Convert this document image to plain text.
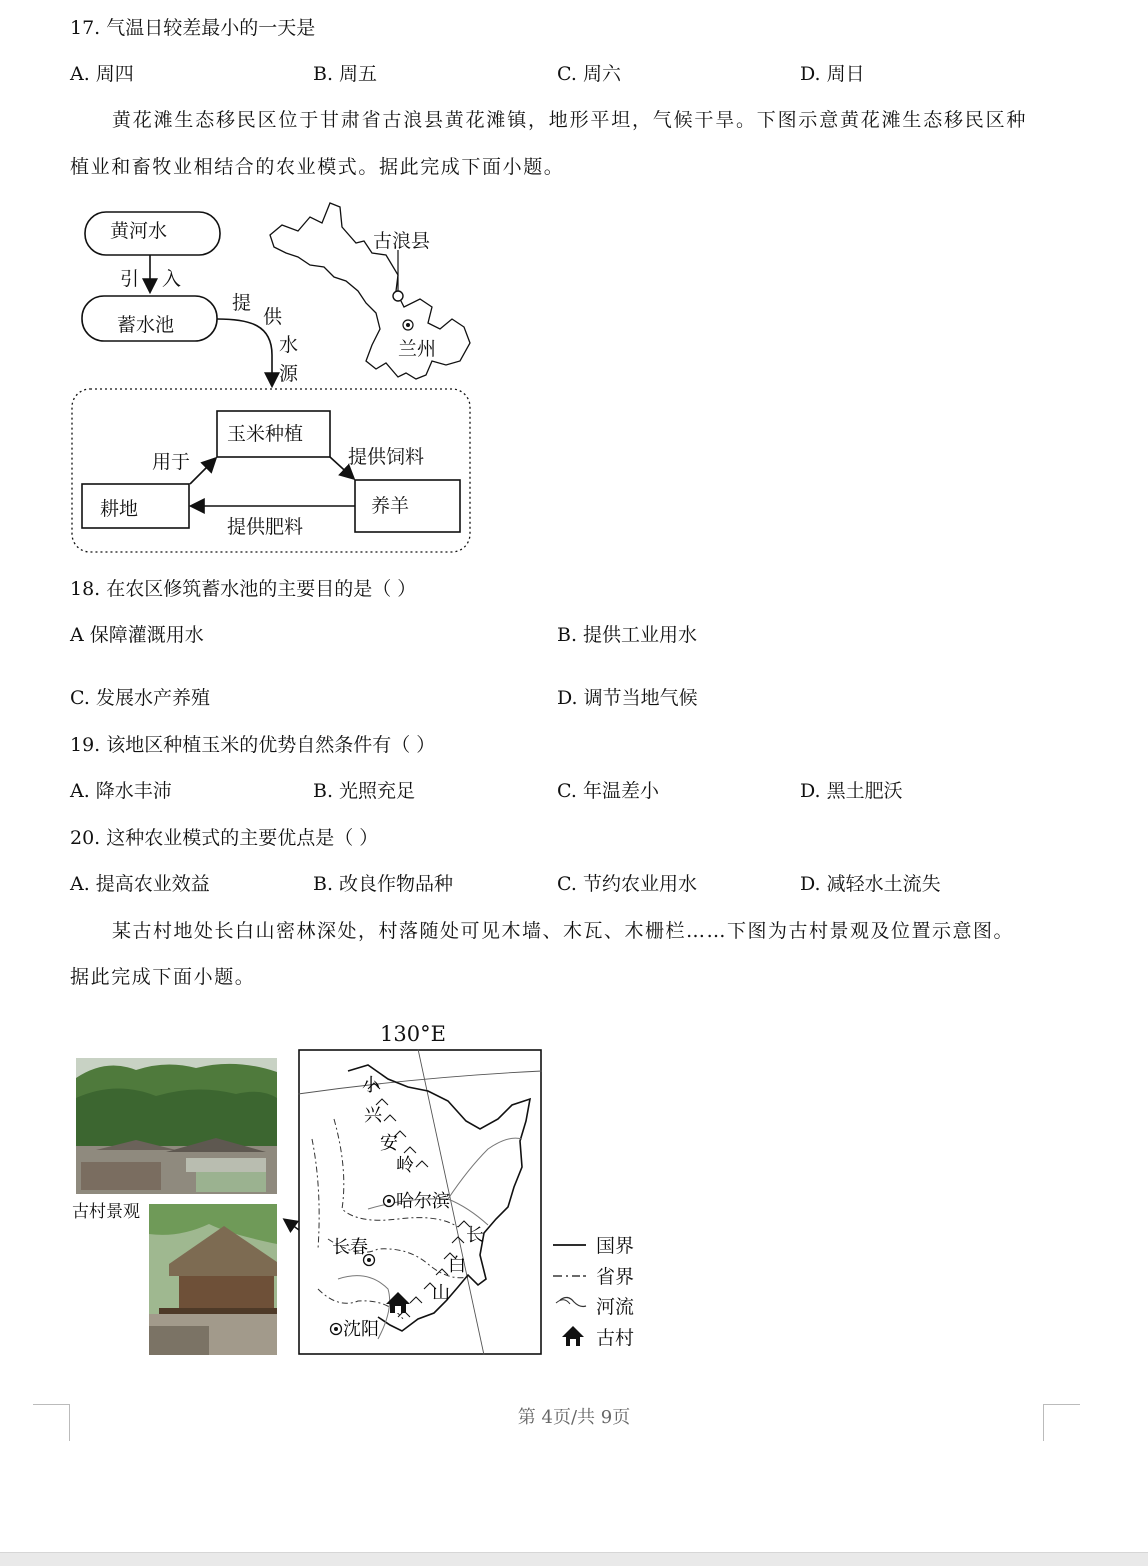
17. 气温日较差最小的一天是
A. 周四	B. 周五	C. 周六	D. 周日
黄花滩生态移民区位于甘肃省古浪县黄花滩镇，地形平坦，气候干旱。下图示意黄花滩生态移民区种
植业和畜牧业相结合的农业模式。据此完成下面小题。
黄河水
引 入
蓄水池
提
供
水
源
古浪县
兰州
玉米种植
养羊
耕地
用于	提供饲料
提供肥料
18. 在农区修筑蓄水池的主要目的是（ ）
A 保障灌溉用水	B. 提供工业用水
C. 发展水产养殖	D. 调节当地气候
19. 该地区种植玉米的优势自然条件有（ ）
A. 降水丰沛	B. 光照充足	C. 年温差小	D. 黑土肥沃
20. 这种农业模式的主要优点是（ ）
A. 提高农业效益	B. 改良作物品种	C. 节约农业用水	D. 减轻水土流失
某古村地处长白山密林深处，村落随处可见木墙、木瓦、木栅栏……下图为古村景观及位置示意图。
据此完成下面小题。
古村景观
130°E
小
兴
安
岭
长
白
山
哈尔滨
长春
沈阳
国界
省界
河流
古村
第 4页/共 9页
